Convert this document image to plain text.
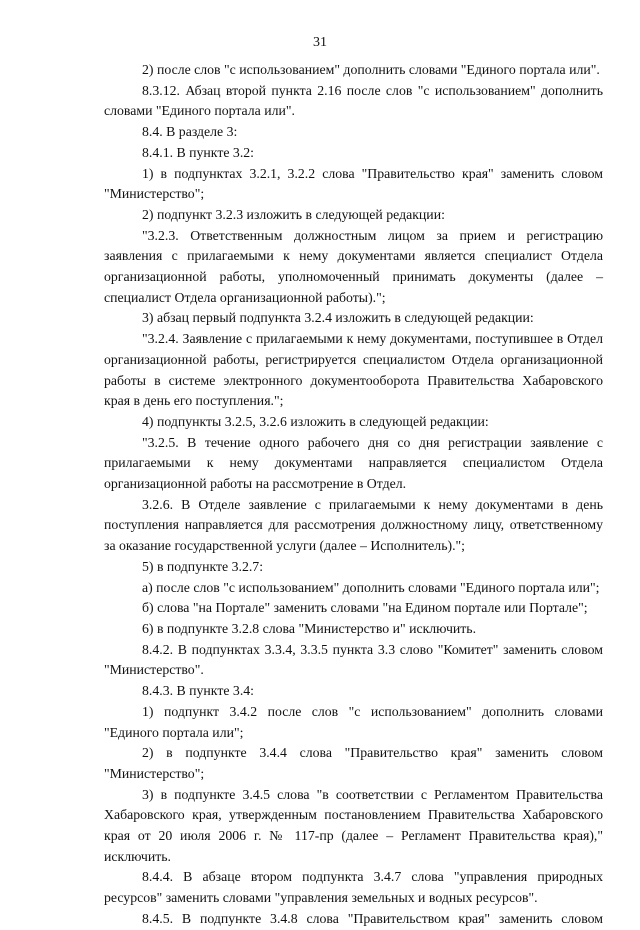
31

2) после слов "с использованием" дополнить словами "Единого портала или".

8.3.12. Абзац второй пункта 2.16 после слов "с использованием" дополнить словами "Единого портала или".

8.4. В разделе 3:

8.4.1. В пункте 3.2:

1) в подпунктах 3.2.1, 3.2.2 слова "Правительство края" заменить словом "Министерство";

2) подпункт 3.2.3 изложить в следующей редакции:

"3.2.3. Ответственным должностным лицом за прием и регистрацию заявления с прилагаемыми к нему документами является специалист Отдела организационной работы, уполномоченный принимать документы (далее – специалист Отдела организационной работы).";

3) абзац первый подпункта 3.2.4 изложить в следующей редакции:

"3.2.4. Заявление с прилагаемыми к нему документами, поступившее в Отдел организационной работы, регистрируется специалистом Отдела организационной работы в системе электронного документооборота Правительства Хабаровского края в день его поступления.";

4) подпункты 3.2.5, 3.2.6 изложить в следующей редакции:

"3.2.5. В течение одного рабочего дня со дня регистрации заявление с прилагаемыми к нему документами направляется специалистом Отдела организационной работы на рассмотрение в Отдел.

3.2.6. В Отделе заявление с прилагаемыми к нему документами в день поступления направляется для рассмотрения должностному лицу, ответственному за оказание государственной услуги (далее – Исполнитель).";

5) в подпункте 3.2.7:

а) после слов "с использованием" дополнить словами "Единого портала или";

б) слова "на Портале" заменить словами "на Едином портале или Портале";

6) в подпункте 3.2.8 слова "Министерство и" исключить.

8.4.2. В подпунктах 3.3.4, 3.3.5 пункта 3.3 слово "Комитет" заменить словом "Министерство".

8.4.3. В пункте 3.4:

1) подпункт 3.4.2 после слов "с использованием" дополнить словами "Единого портала или";

2) в подпункте 3.4.4 слова "Правительство края" заменить словом "Министерство";

3) в подпункте 3.4.5 слова "в соответствии с Регламентом Правительства Хабаровского края, утвержденным постановлением Правительства Хабаровского края от 20 июля 2006 г. № 117-пр (далее – Регламент Правительства края)," исключить.

8.4.4. В абзаце втором подпункта 3.4.7 слова "управления природных ресурсов" заменить словами "управления земельных и водных ресурсов".

8.4.5. В подпункте 3.4.8 слова "Правительством края" заменить словом
